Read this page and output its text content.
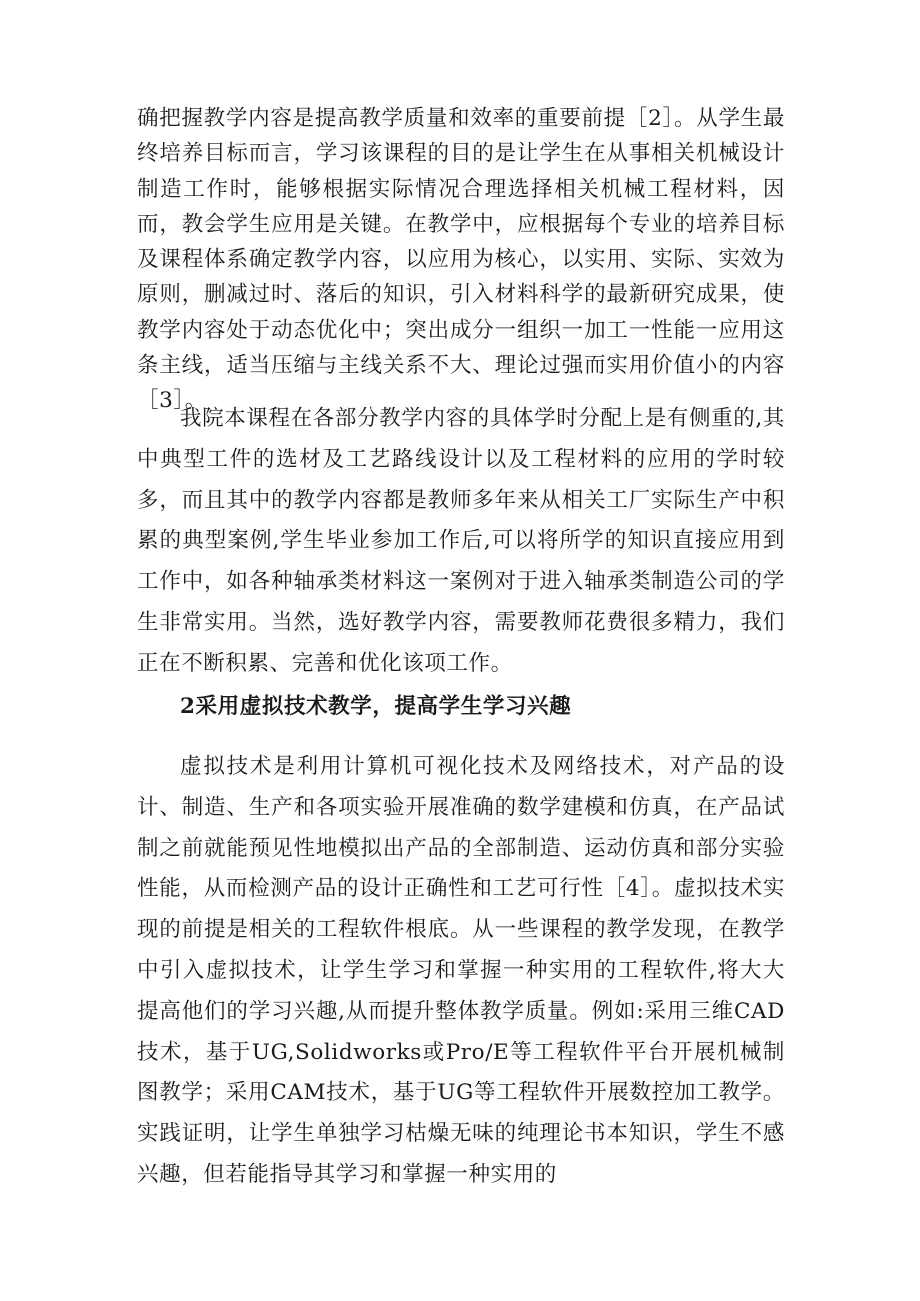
确把握教学内容是提高教学质量和效率的重要前提［2］。从学生最终培养目标而言，学习该课程的目的是让学生在从事相关机械设计制造工作时，能够根据实际情况合理选择相关机械工程材料，因而，教会学生应用是关键。在教学中，应根据每个专业的培养目标及课程体系确定教学内容，以应用为核心，以实用、实际、实效为原则，删减过时、落后的知识，引入材料科学的最新研究成果，使教学内容处于动态优化中；突出成分一组织一加工一性能一应用这条主线，适当压缩与主线关系不大、理论过强而实用价值小的内容［3］。

我院本课程在各部分教学内容的具体学时分配上是有侧重的,其中典型工件的选材及工艺路线设计以及工程材料的应用的学时较多，而且其中的教学内容都是教师多年来从相关工厂实际生产中积累的典型案例,学生毕业参加工作后,可以将所学的知识直接应用到工作中，如各种轴承类材料这一案例对于进入轴承类制造公司的学生非常实用。当然，选好教学内容，需要教师花费很多精力，我们正在不断积累、完善和优化该项工作。

2采用虚拟技术教学，提高学生学习兴趣

虚拟技术是利用计算机可视化技术及网络技术，对产品的设计、制造、生产和各项实验开展准确的数学建模和仿真，在产品试制之前就能预见性地模拟出产品的全部制造、运动仿真和部分实验性能，从而检测产品的设计正确性和工艺可行性［4］。虚拟技术实现的前提是相关的工程软件根底。从一些课程的教学发现，在教学中引入虚拟技术，让学生学习和掌握一种实用的工程软件,将大大提高他们的学习兴趣,从而提升整体教学质量。例如:采用三维CAD技术，基于UG,Solidworks或Pro/E等工程软件平台开展机械制图教学；采用CAM技术，基于UG等工程软件开展数控加工教学。实践证明，让学生单独学习枯燥无味的纯理论书本知识，学生不感兴趣，但若能指导其学习和掌握一种实用的
